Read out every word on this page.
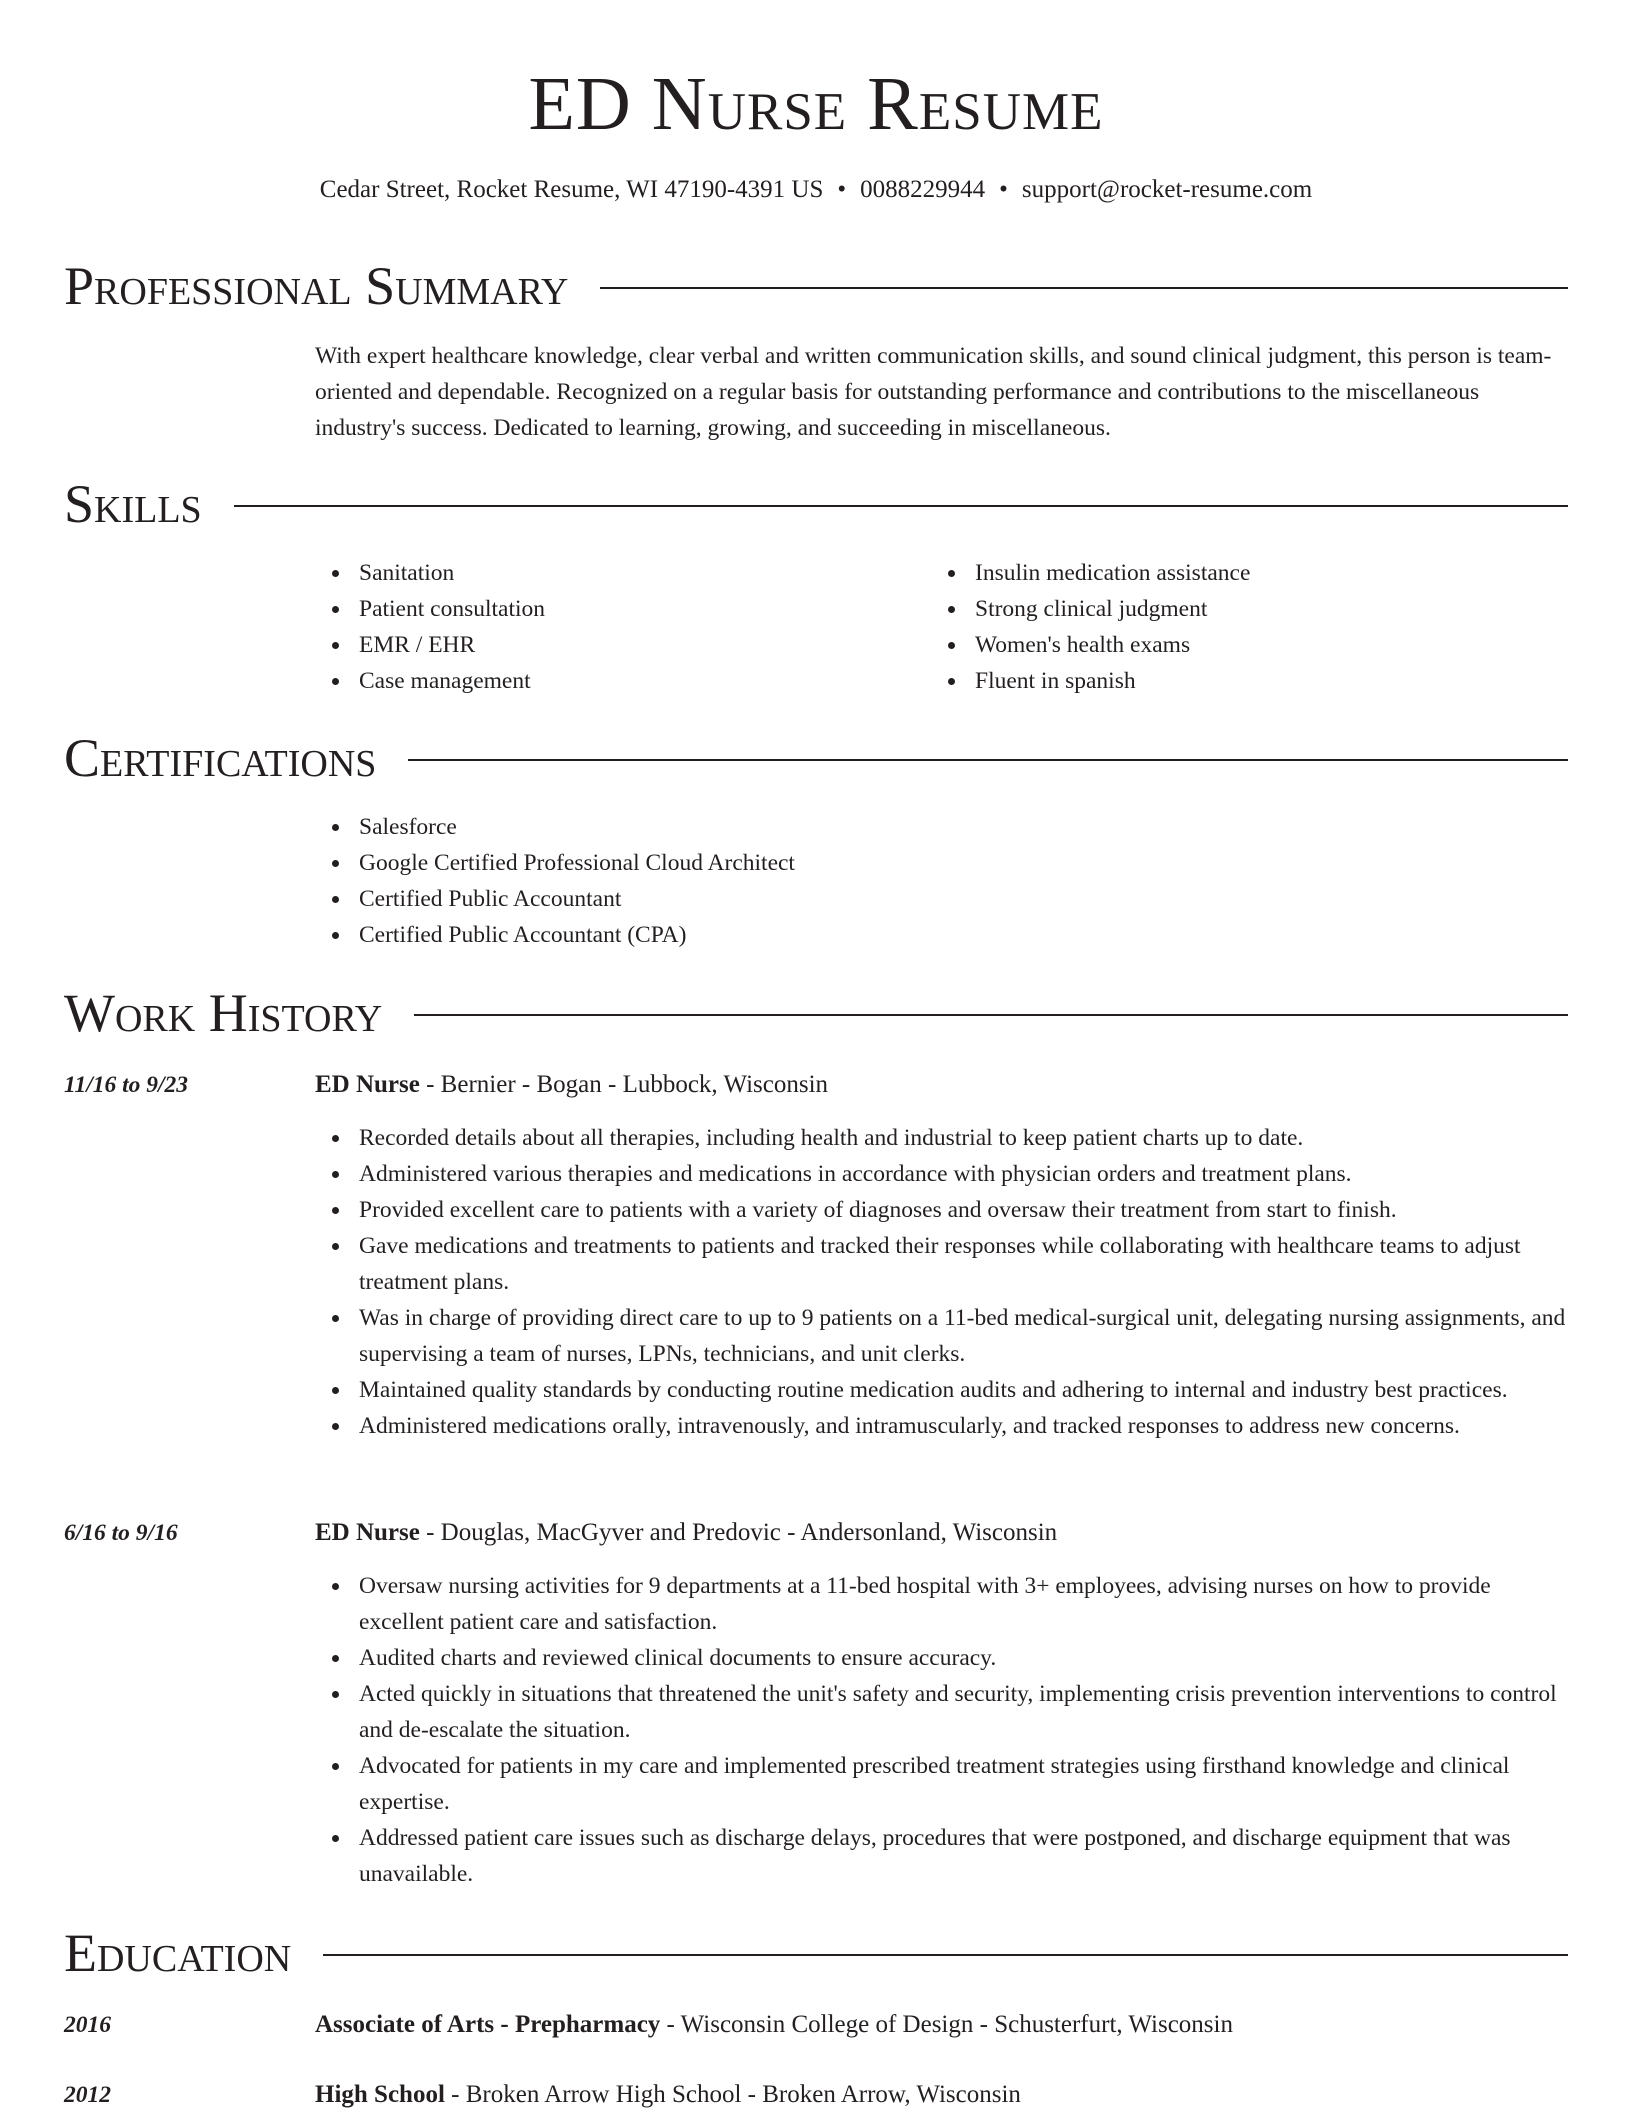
ED Nurse Resume
Cedar Street, Rocket Resume, WI 47190-4391 US • 0088229944 • support@rocket-resume.com
Professional Summary
With expert healthcare knowledge, clear verbal and written communication skills, and sound clinical judgment, this person is team-oriented and dependable. Recognized on a regular basis for outstanding performance and contributions to the miscellaneous industry's success. Dedicated to learning, growing, and succeeding in miscellaneous.
Skills
Sanitation
Patient consultation
EMR / EHR
Case management
Insulin medication assistance
Strong clinical judgment
Women's health exams
Fluent in spanish
Certifications
Salesforce
Google Certified Professional Cloud Architect
Certified Public Accountant
Certified Public Accountant (CPA)
Work History
11/16 to 9/23	ED Nurse - Bernier - Bogan - Lubbock, Wisconsin
Recorded details about all therapies, including health and industrial to keep patient charts up to date.
Administered various therapies and medications in accordance with physician orders and treatment plans.
Provided excellent care to patients with a variety of diagnoses and oversaw their treatment from start to finish.
Gave medications and treatments to patients and tracked their responses while collaborating with healthcare teams to adjust treatment plans.
Was in charge of providing direct care to up to 9 patients on a 11-bed medical-surgical unit, delegating nursing assignments, and supervising a team of nurses, LPNs, technicians, and unit clerks.
Maintained quality standards by conducting routine medication audits and adhering to internal and industry best practices.
Administered medications orally, intravenously, and intramuscularly, and tracked responses to address new concerns.
6/16 to 9/16	ED Nurse - Douglas, MacGyver and Predovic - Andersonland, Wisconsin
Oversaw nursing activities for 9 departments at a 11-bed hospital with 3+ employees, advising nurses on how to provide excellent patient care and satisfaction.
Audited charts and reviewed clinical documents to ensure accuracy.
Acted quickly in situations that threatened the unit's safety and security, implementing crisis prevention interventions to control and de-escalate the situation.
Advocated for patients in my care and implemented prescribed treatment strategies using firsthand knowledge and clinical expertise.
Addressed patient care issues such as discharge delays, procedures that were postponed, and discharge equipment that was unavailable.
Education
2016	Associate of Arts - Prepharmacy - Wisconsin College of Design - Schusterfurt, Wisconsin
2012	High School - Broken Arrow High School - Broken Arrow, Wisconsin
